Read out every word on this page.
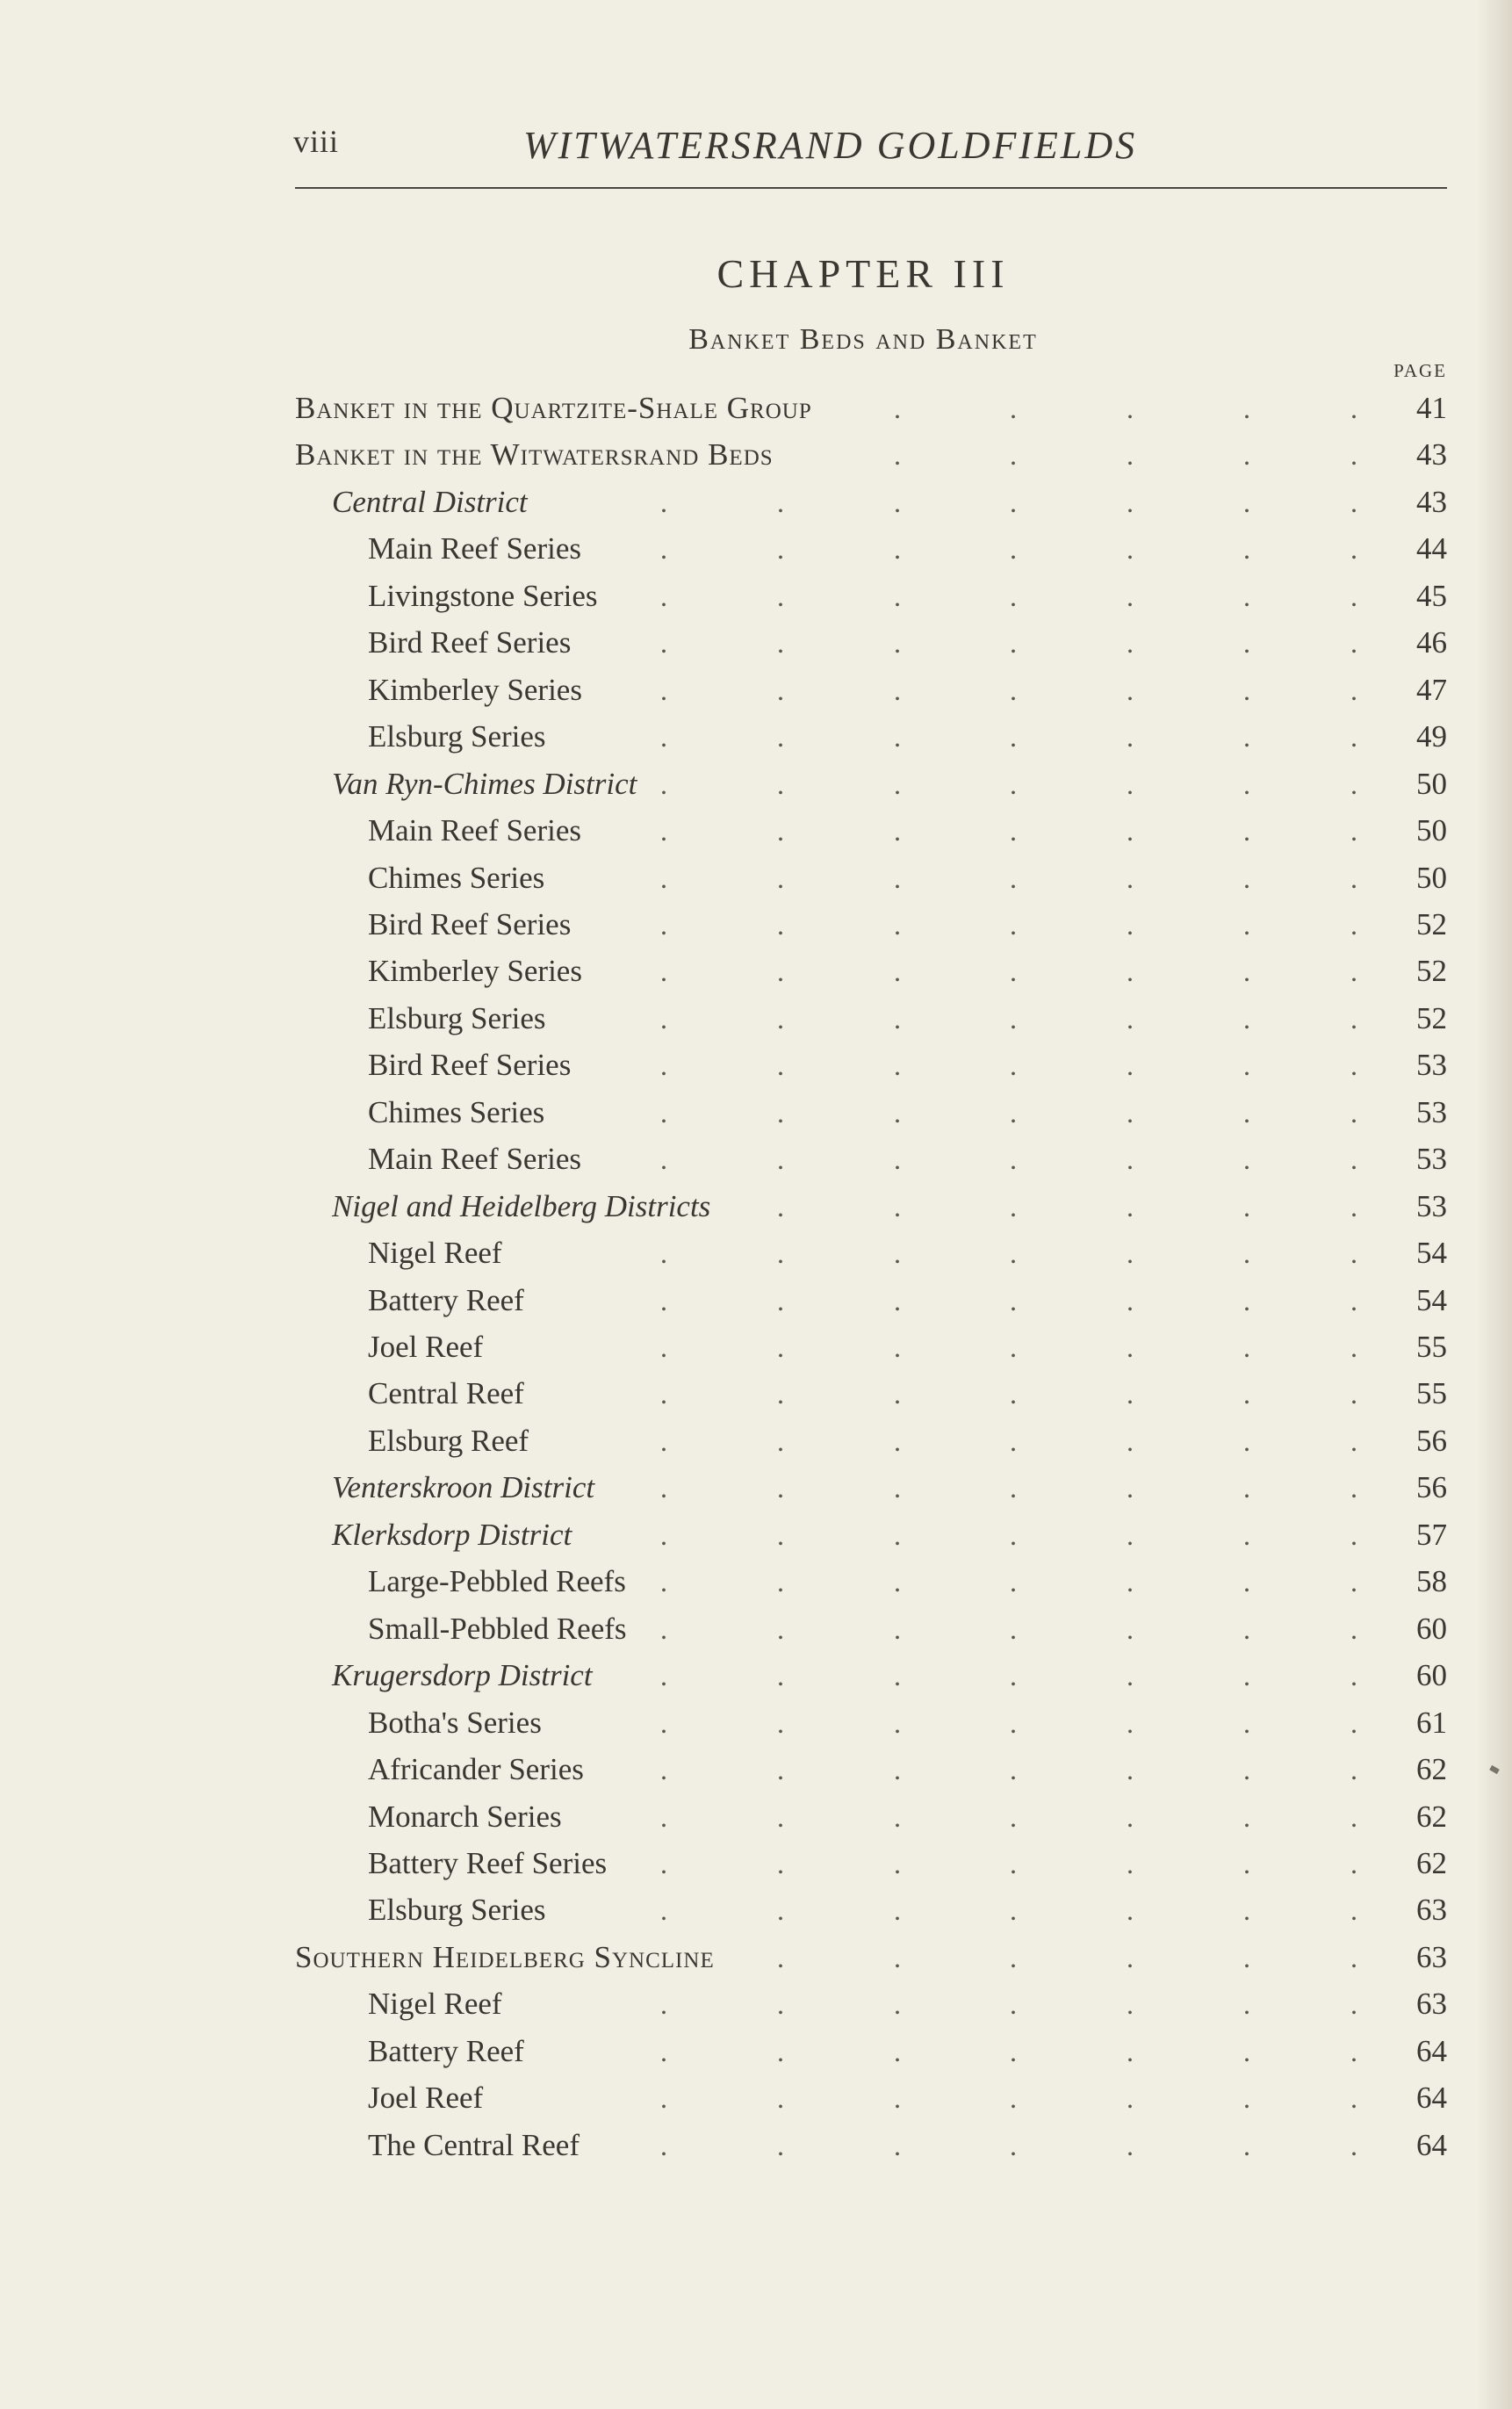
viii	WITWATERSRAND GOLDFIELDS
CHAPTER III
Banket Beds and Banket
PAGE
Banket in the Quartzite-Shale Group	.	.	.	.	.	41
Banket in the Witwatersrand Beds	.	.	.	.	.	43
Central District	.	.	.	.	.	.	.	43
Main Reef Series	.	.	.	.	.	.	.	44
Livingstone Series .	.	.	.	.	.	.	45
Bird Reef Series	.	.	.	.	.	.	.	46
Kimberley Series	.	.	.	.	.	.	.	47
Elsburg Series	.	.	.	.	.	.	.	49
Van Ryn-Chimes District .	.	.	.	.	.	.	50
Main Reef Series	.	.	.	.	.	.	.	50
Chimes Series	.	.	.	.	.	.	.	50
Bird Reef Series	.	.	.	.	.	.	.	52
Kimberley Series	.	.	.	.	.	.	.	52
Elsburg Series	.	.	.	.	.	.	.	52
Bird Reef Series	.	.	.	.	.	.	.	53
Chimes Series	.	.	.	.	.	.	.	53
Main Reef Series	.	.	.	.	.	.	.	53
Nigel and Heidelberg Districts .	.	.	.	.	.	53
Nigel Reef	.	.	.	.	.	.	.	54
Battery Reef	.	.	.	.	.	.	.	54
Joel Reef	.	.	.	.	.	.	.	55
Central Reef	.	.	.	.	.	.	.	55
Elsburg Reef	.	.	.	.	.	.	.	56
Venterskroon District .	.	.	.	.	.	.	56
Klerksdorp District	.	.	.	.	.	.	.	57
Large-Pebbled Reefs .	.	.	.	.	.	.	58
Small-Pebbled Reefs .	.	.	.	.	.	.	60
Krugersdorp District .	.	.	.	.	.	.	60
Botha's Series	.	.	.	.	.	.	.	61
Africander Series	.	.	.	.	.	.	.	62
Monarch Series	.	.	.	.	.	.	.	62
Battery Reef Series .	.	.	.	.	.	.	62
Elsburg Series	.	.	.	.	.	.	.	63
Southern Heidelberg Syncline .	.	.	.	.	.	63
Nigel Reef	.	.	.	.	.	.	.	63
Battery Reef	.	.	.	.	.	.	.	64
Joel Reef	.	.	.	.	.	.	.	64
The Central Reef	.	.	.	.	.	.	.	64
